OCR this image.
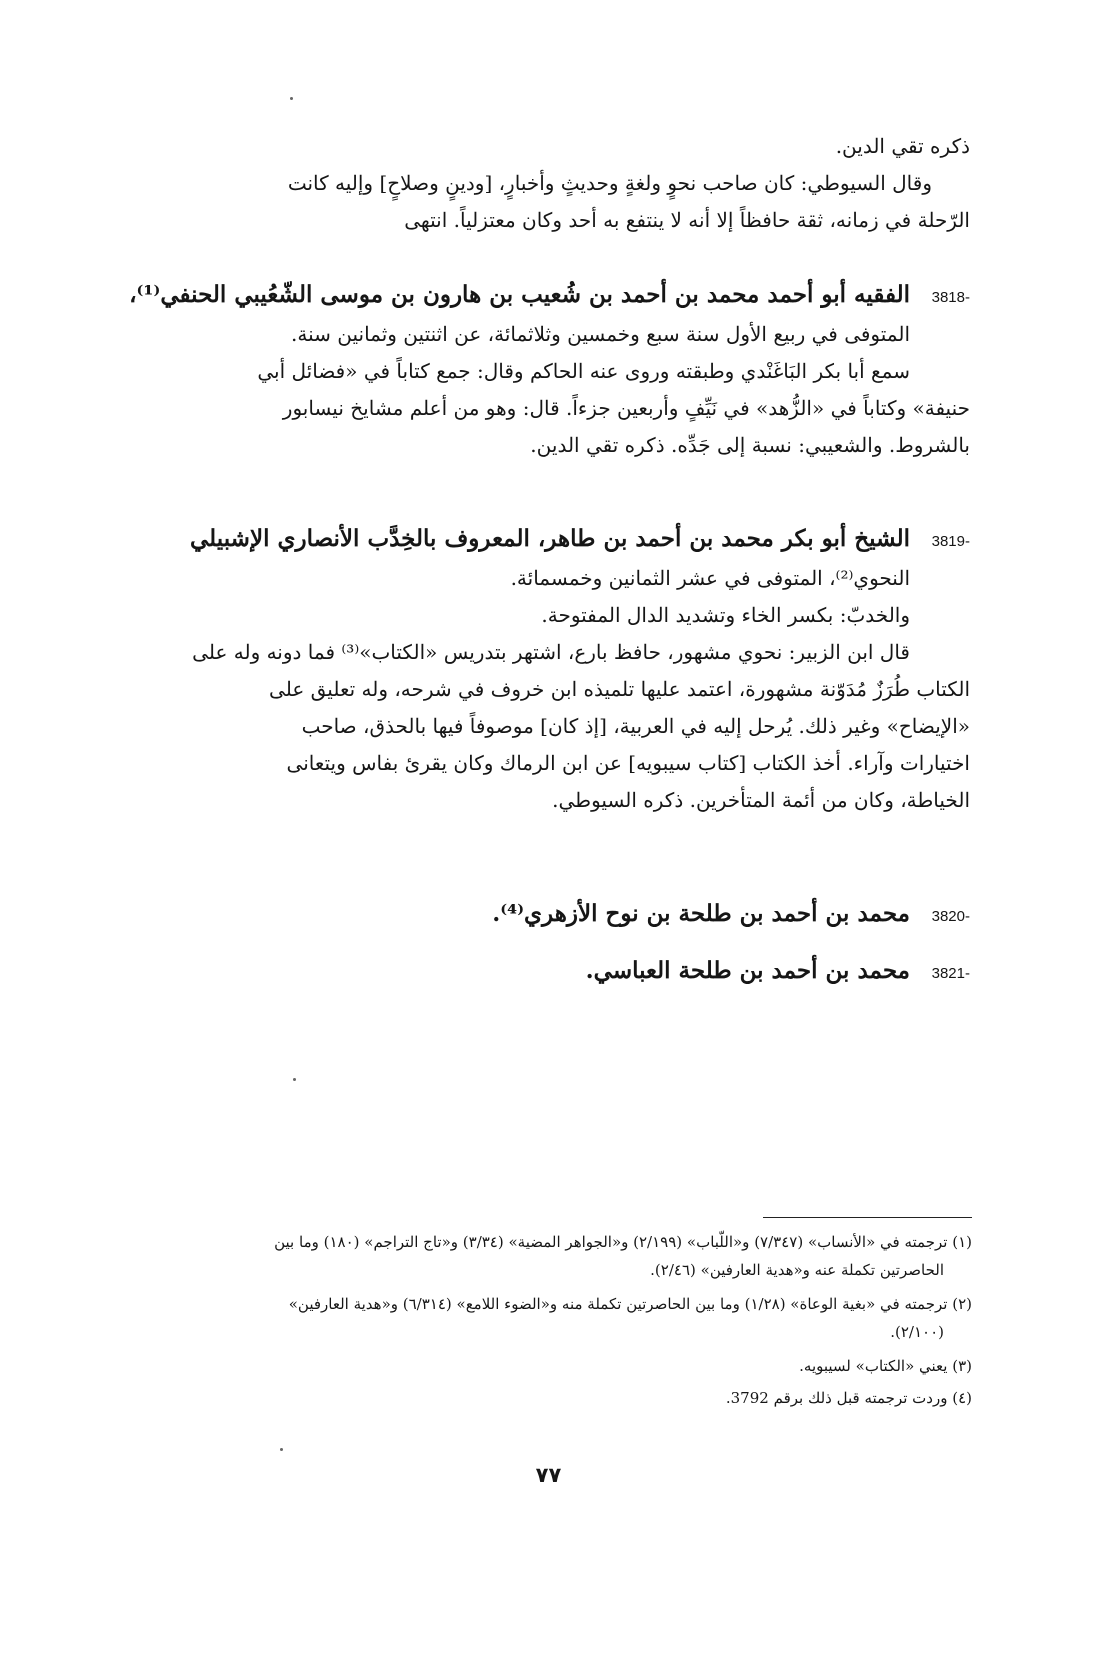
ذكره تقي الدين.
وقال السيوطي: كان صاحب نحوٍ ولغةٍ وحديثٍ وأخبارٍ، [ودينٍ وصلاحٍ] وإليه كانت
الرّحلة في زمانه، ثقة حافظاً إلا أنه لا ينتفع به أحد وكان معتزلياً. انتهى
3818-الفقيه أبو أحمد محمد بن أحمد بن شُعيب بن هارون بن موسى الشّعُيبي الحنفي⁽¹⁾،
المتوفى في ربيع الأول سنة سبع وخمسين وثلاثمائة، عن اثنتين وثمانين سنة.
سمع أبا بكر البَاغَنْدي وطبقته وروى عنه الحاكم وقال: جمع كتاباً في «فضائل أبي
حنيفة» وكتاباً في «الزُّهد» في نَيِّفٍ وأربعين جزءاً. قال: وهو من أعلم مشايخ نيسابور
بالشروط. والشعيبي: نسبة إلى جَدِّه. ذكره تقي الدين.
3819-الشيخ أبو بكر محمد بن أحمد بن طاهر، المعروف بالخِدَّب الأنصاري الإشبيلي
النحوي⁽²⁾، المتوفى في عشر الثمانين وخمسمائة.
والخدبّ: بكسر الخاء وتشديد الدال المفتوحة.
قال ابن الزبير: نحوي مشهور، حافظ بارع، اشتهر بتدريس «الكتاب»⁽³⁾ فما دونه وله على
الكتاب طُرَزٌ مُدَوّنة مشهورة، اعتمد عليها تلميذه ابن خروف في شرحه، وله تعليق على
«الإيضاح» وغير ذلك. يُرحل إليه في العربية، [إذ كان] موصوفاً فيها بالحذق، صاحب
اختيارات وآراء. أخذ الكتاب [كتاب سيبويه] عن ابن الرماك وكان يقرئ بفاس ويتعانى
الخياطة، وكان من أئمة المتأخرين. ذكره السيوطي.
3820-محمد بن أحمد بن طلحة بن نوح الأزهري⁽⁴⁾.
3821-محمد بن أحمد بن طلحة العباسي.
(١) ترجمته في «الأنساب» (٧/٣٤٧) و«اللّباب» (٢/١٩٩) و«الجواهر المضية» (٣/٣٤) و«تاج التراجم» (١٨٠) وما بين
الحاصرتين تكملة عنه و«هدية العارفين» (٢/٤٦).
(٢) ترجمته في «بغية الوعاة» (١/٢٨) وما بين الحاصرتين تكملة منه و«الضوء اللامع» (٦/٣١٤) و«هدية العارفين»
(٢/١٠٠).
(٣) يعني «الكتاب» لسيبويه.
(٤) وردت ترجمته قبل ذلك برقم 3792.
٧٧
